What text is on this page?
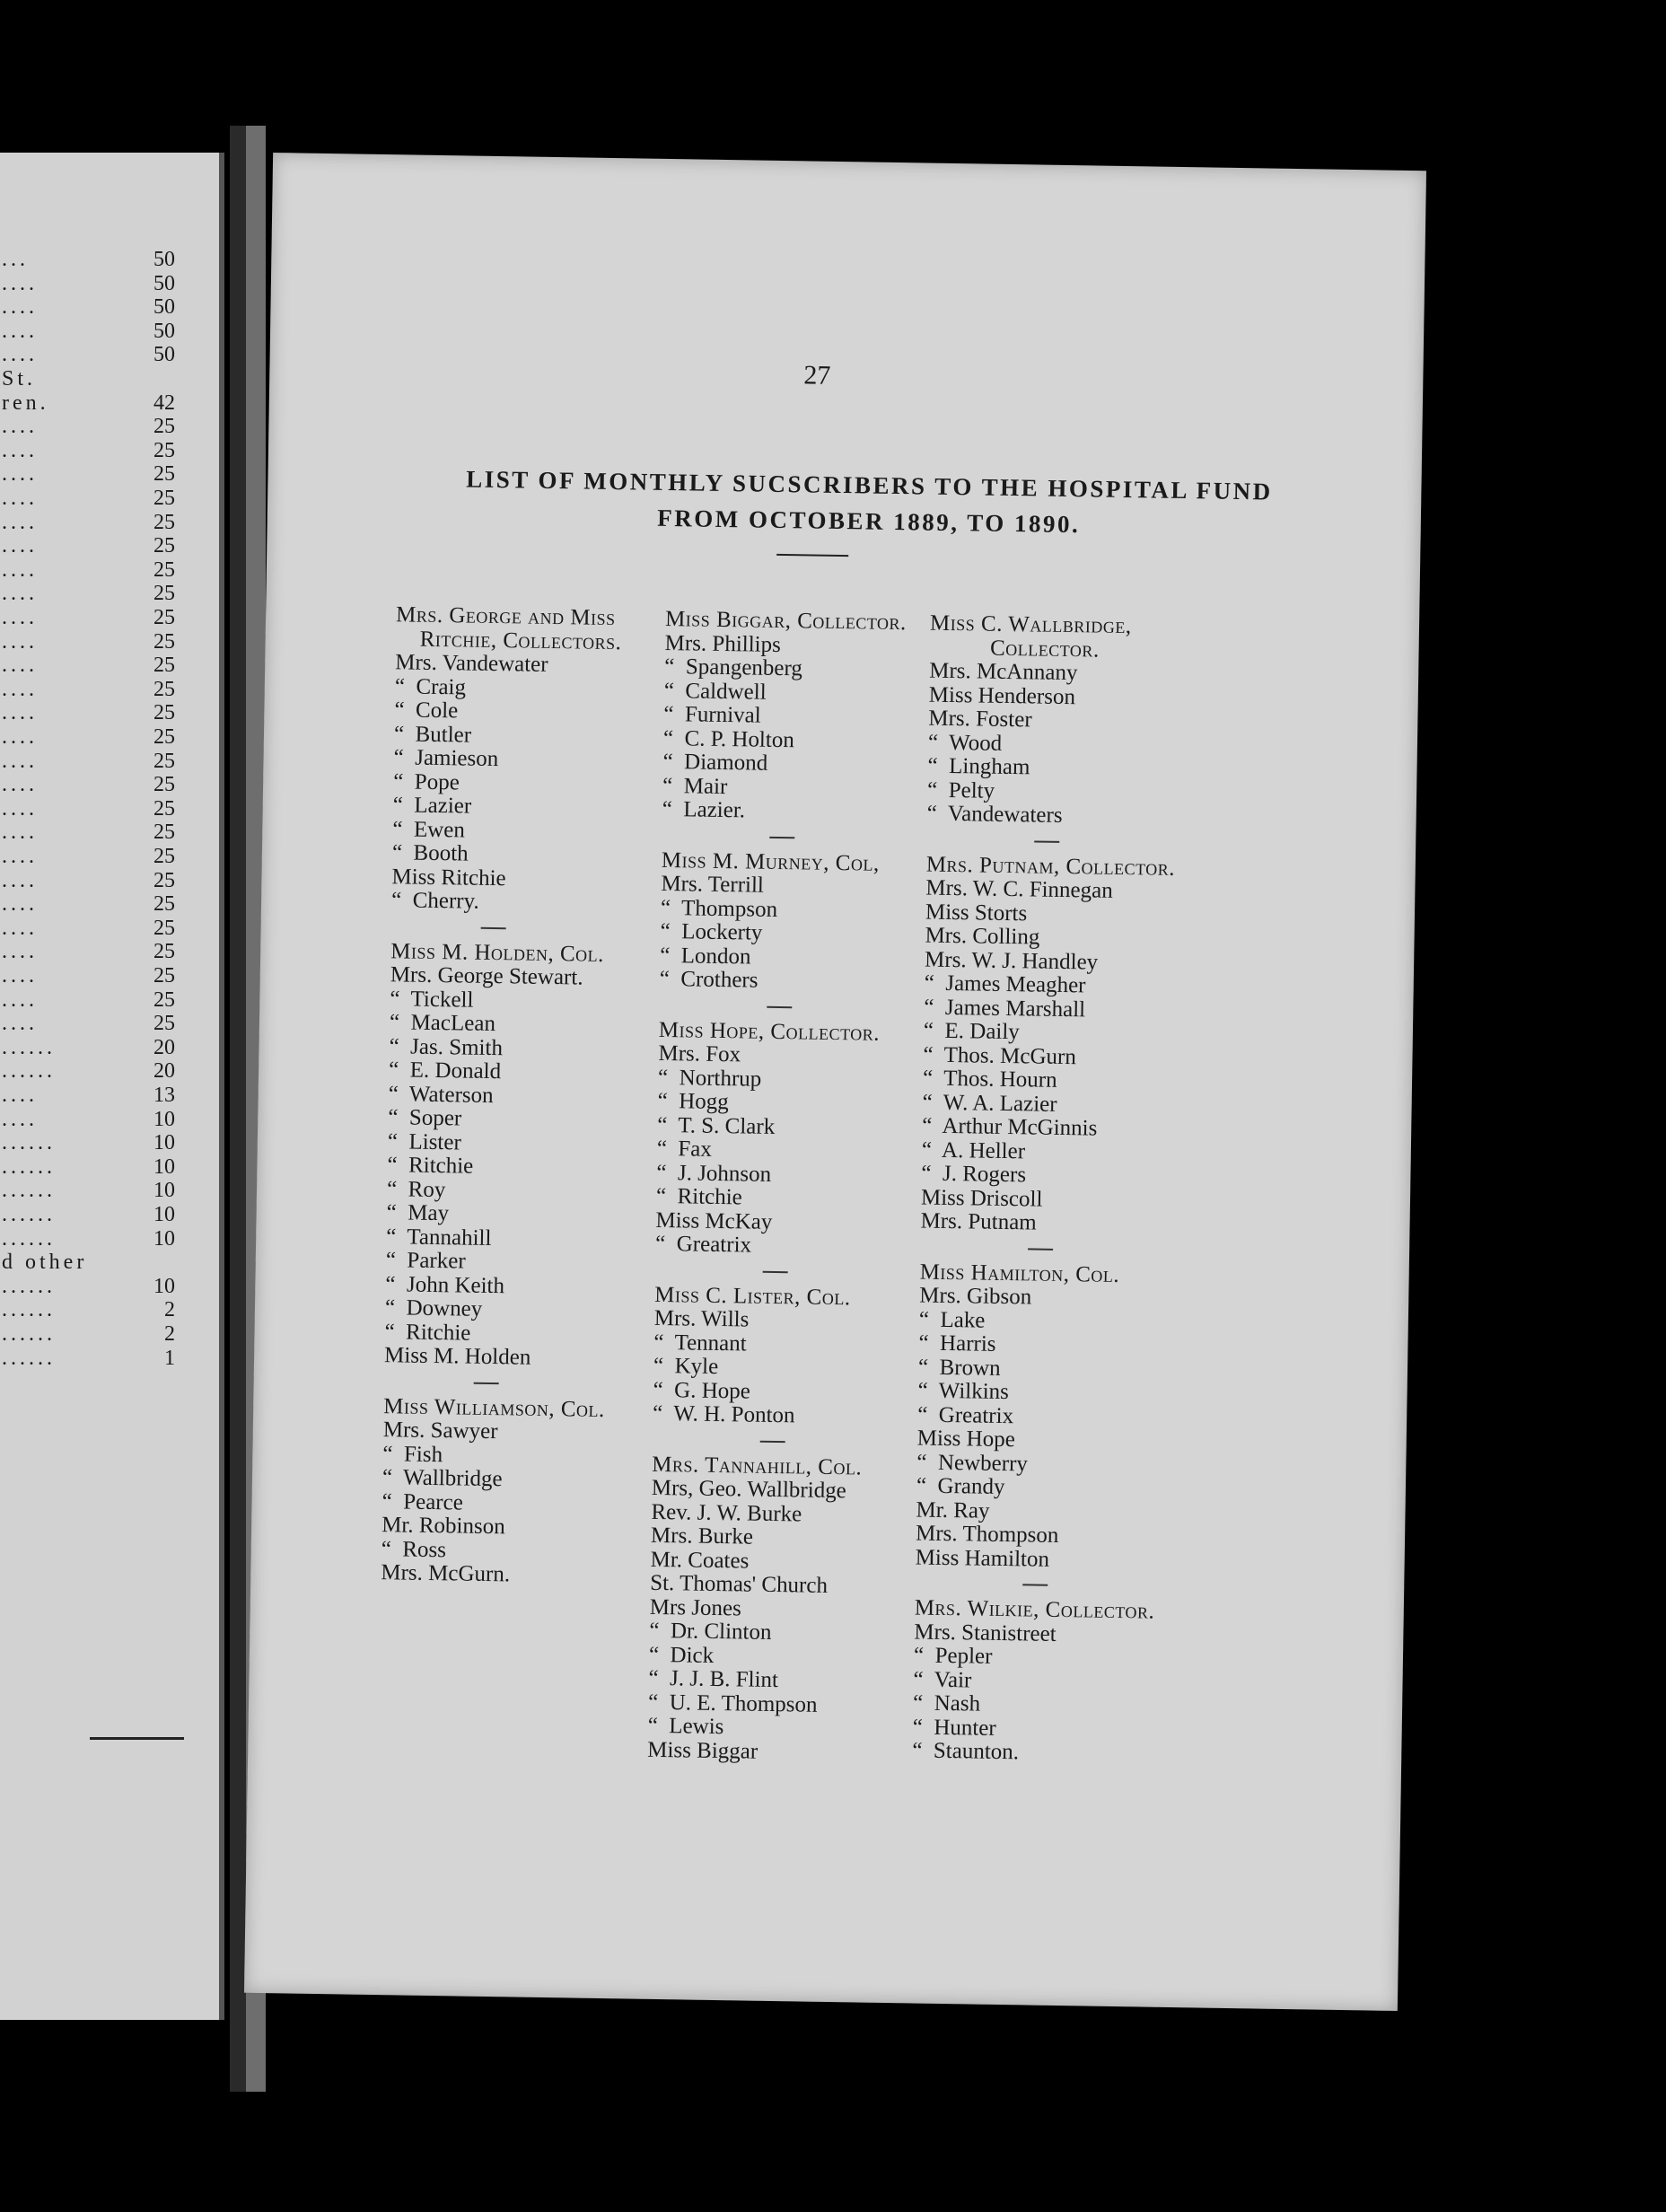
...	50
....	50
....	50
....	50
....	50
St.
ren.	42
....	25
....	25
....	25
....	25
....	25
....	25
....	25
....	25
....	25
....	25
....	25
....	25
....	25
....	25
....	25
....	25
....	25
....	25
....	25
....	25
....	25
....	25
....	25
....	25
....	25
....	25
......	20
......	20
....	13
....	10
......	10
......	10
......	10
......	10
......	10
d other
......	10
......	2
......	2
......	1
27
LIST OF MONTHLY SUCSCRIBERS TO THE HOSPITAL FUND
FROM OCTOBER 1889, TO 1890.
Mrs. George and Miss
Ritchie, Collectors.
Mrs. Vandewater
“  Craig
“  Cole
“  Butler
“  Jamieson
“  Pope
“  Lazier
“  Ewen
“  Booth
Miss Ritchie
“  Cherry.
Miss M. Holden, Col.
Mrs. George Stewart.
“  Tickell
“  MacLean
“  Jas. Smith
“  E. Donald
“  Waterson
“  Soper
“  Lister
“  Ritchie
“  Roy
“  May
“  Tannahill
“  Parker
“  John Keith
“  Downey
“  Ritchie
Miss M. Holden
Miss Williamson, Col.
Mrs. Sawyer
“  Fish
“  Wallbridge
“  Pearce
Mr. Robinson
“  Ross
Mrs. McGurn.
Miss Biggar, Collector.
Mrs. Phillips
“  Spangenberg
“  Caldwell
“  Furnival
“  C. P. Holton
“  Diamond
“  Mair
“  Lazier.
Miss M. Murney, Col,
Mrs. Terrill
“  Thompson
“  Lockerty
“  London
“  Crothers
Miss Hope, Collector.
Mrs. Fox
“  Northrup
“  Hogg
“  T. S. Clark
“  Fax
“  J. Johnson
“  Ritchie
Miss McKay
“  Greatrix
Miss C. Lister, Col.
Mrs. Wills
“  Tennant
“  Kyle
“  G. Hope
“  W. H. Ponton
Mrs. Tannahill, Col.
Mrs, Geo. Wallbridge
Rev. J. W. Burke
Mrs. Burke
Mr. Coates
St. Thomas' Church
Mrs Jones
“  Dr. Clinton
“  Dick
“  J. J. B. Flint
“  U. E. Thompson
“  Lewis
Miss Biggar
Miss C. Wallbridge,
Collector.
Mrs. McAnnany
Miss Henderson
Mrs. Foster
“  Wood
“  Lingham
“  Pelty
“  Vandewaters
Mrs. Putnam, Collector.
Mrs. W. C. Finnegan
Miss Storts
Mrs. Colling
Mrs. W. J. Handley
“  James Meagher
“  James Marshall
“  E. Daily
“  Thos. McGurn
“  Thos. Hourn
“  W. A. Lazier
“  Arthur McGinnis
“  A. Heller
“  J. Rogers
Miss Driscoll
Mrs. Putnam
Miss Hamilton, Col.
Mrs. Gibson
“  Lake
“  Harris
“  Brown
“  Wilkins
“  Greatrix
Miss Hope
“  Newberry
“  Grandy
Mr. Ray
Mrs. Thompson
Miss Hamilton
Mrs. Wilkie, Collector.
Mrs. Stanistreet
“  Pepler
“  Vair
“  Nash
“  Hunter
“  Staunton.
